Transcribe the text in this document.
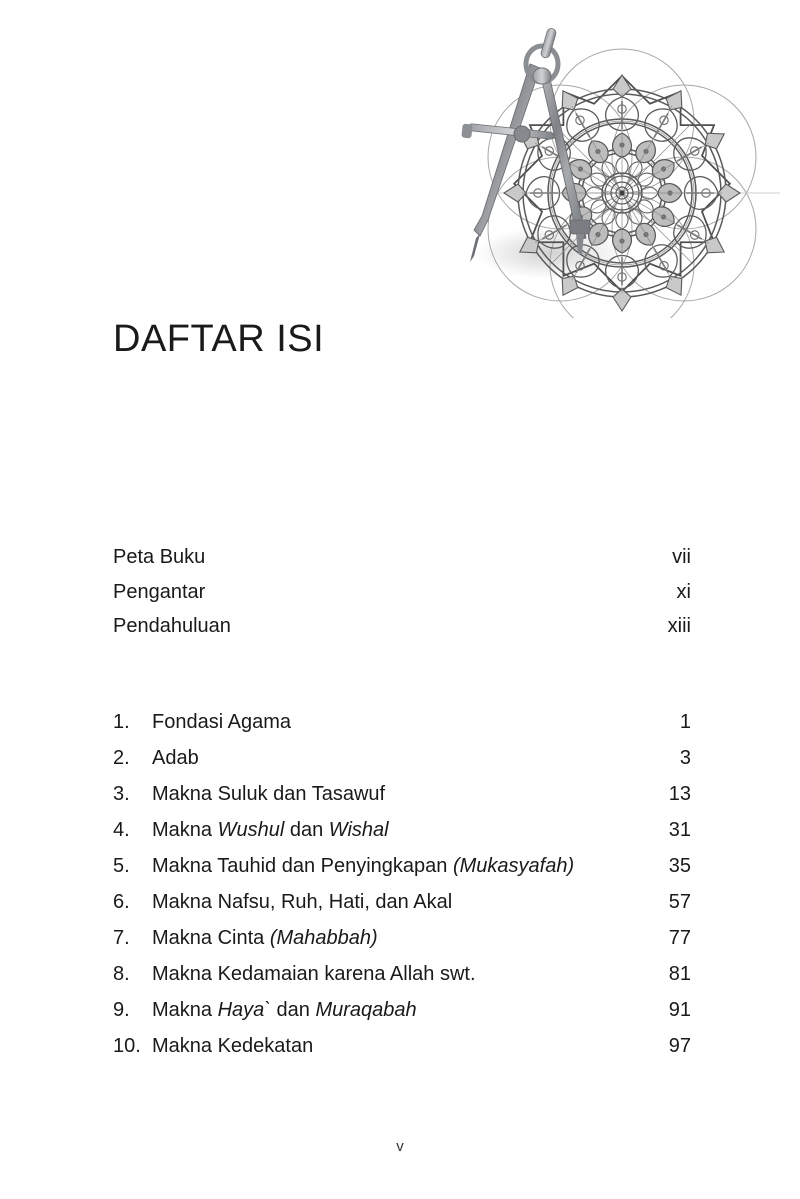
DAFTAR ISI
Peta Buku	vii
Pengantar	xi
Pendahuluan	xiii
1.	Fondasi Agama	1
2.	Adab	3
3.	Makna Suluk dan Tasawuf	13
4.	Makna Wushul dan Wishal	31
5.	Makna Tauhid dan Penyingkapan (Mukasyafah)	35
6.	Makna Nafsu, Ruh, Hati, dan Akal	57
7.	Makna Cinta (Mahabbah)	77
8.	Makna Kedamaian karena Allah swt.	81
9.	Makna Haya` dan Muraqabah	91
10. Makna Kedekatan	97
v
